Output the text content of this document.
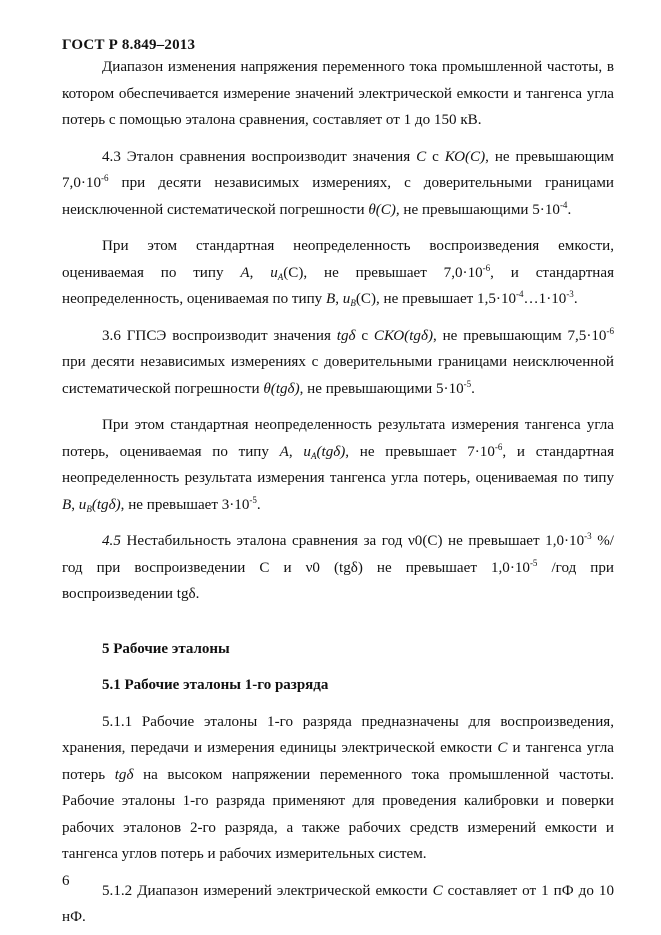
ГОСТ Р 8.849–2013

Диапазон изменения напряжения переменного тока промышленной частоты, в котором обеспечивается измерение значений электрической емкости и тангенса угла потерь с помощью эталона сравнения, составляет от 1 до 150 кВ.

4.3 Эталон сравнения воспроизводит значения С с КО(С), не превышающим $7,0\cdot 10^{-6}$ при десяти независимых измерениях, с доверительными границами неисключенной систематической погрешности θ(С), не превышающими $5\cdot 10^{-4}$.

При этом стандартная неопределенность воспроизведения емкости, оцениваемая по типу А, $u_A(С)$, не превышает $7,0\cdot 10^{-6}$, и стандартная неопределенность, оцениваемая по типу В, $u_B(С)$, не превышает $1,5\cdot 10^{-4}\dots 1\cdot 10^{-3}$.

3.6 ГПСЭ воспроизводит значения tgδ с СКО(tgδ), не превышающим $7,5\cdot 10^{-6}$ при десяти независимых измерениях с доверительными границами неисключенной систематической погрешности θ(tgδ), не превышающими $5\cdot 10^{-5}$.

При этом стандартная неопределенность результата измерения тангенса угла потерь, оцениваемая по типу А, $u_A(tg\delta)$, не превышает $7\cdot 10^{-6}$, и стандартная неопределенность результата измерения тангенса угла потерь, оцениваемая по типу В, $u_B(tg\delta)$, не превышает $3\cdot 10^{-5}$.

4.5 Нестабильность эталона сравнения за год ν0(С) не превышает $1,0\cdot 10^{-3}$ %/год при воспроизведении С и ν0 (tgδ) не превышает $1,0\cdot 10^{-5}$ /год при воспроизведении tgδ.

5 Рабочие эталоны

5.1 Рабочие эталоны 1-го разряда

5.1.1 Рабочие эталоны 1-го разряда предназначены для воспроизведения, хранения, передачи и измерения единицы электрической емкости С и тангенса угла потерь tgδ на высоком напряжении переменного тока промышленной частоты. Рабочие эталоны 1-го разряда применяют для проведения калибровки и поверки рабочих эталонов 2-го разряда, а также рабочих средств измерений емкости и тангенса углов потерь и рабочих измерительных систем.

5.1.2 Диапазон измерений электрической емкости С составляет от 1 пФ до 10 нФ.

6
